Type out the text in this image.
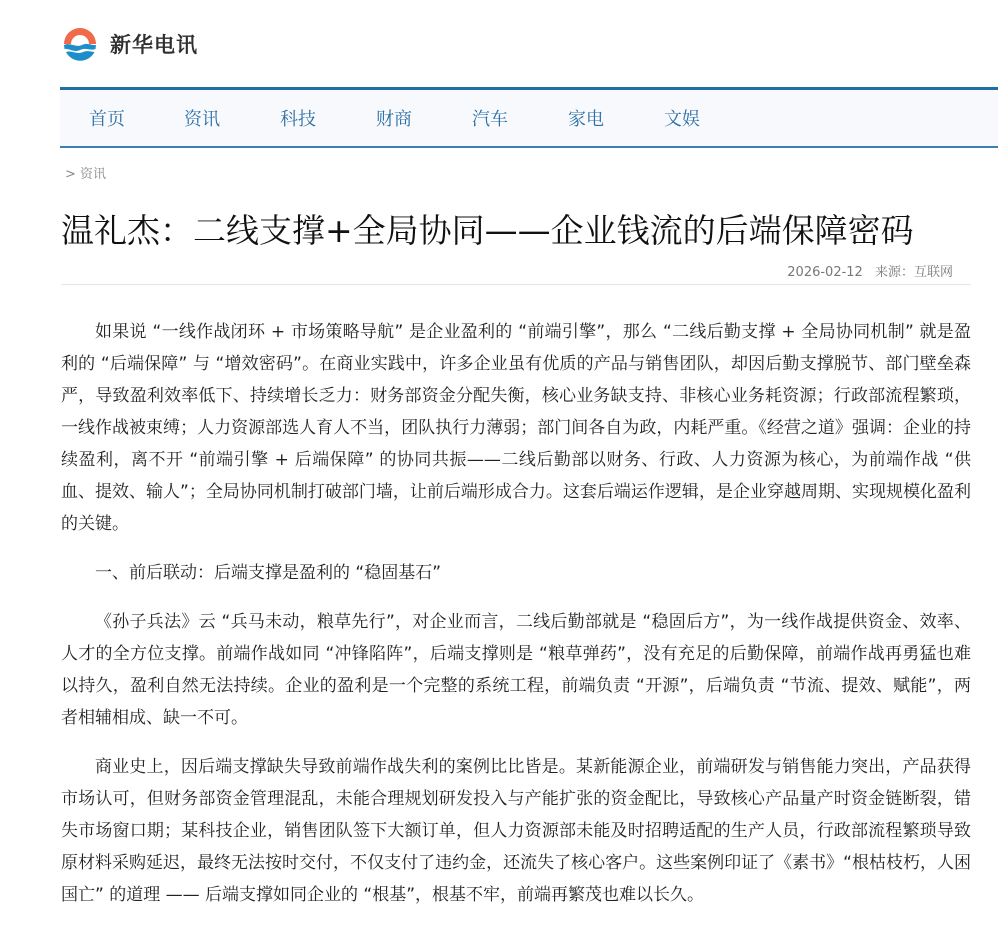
新华电讯
首页	资讯	科技	财商	汽车	家电	文娱
> 资讯
温礼杰：二线支撑+全局协同——企业钱流的后端保障密码
2026-02-12 来源：互联网

如果说 “一线作战闭环 + 市场策略导航” 是企业盈利的 “前端引擎”，那么 “二线后勤支撑 + 全局协同机制” 就是盈利的 “后端保障” 与 “增效密码”。在商业实践中，许多企业虽有优质的产品与销售团队，却因后勤支撑脱节、部门壁垒森严，导致盈利效率低下、持续增长乏力：财务部资金分配失衡，核心业务缺支持、非核心业务耗资源；行政部流程繁琐，一线作战被束缚；人力资源部选人育人不当，团队执行力薄弱；部门间各自为政，内耗严重。《经营之道》强调：企业的持续盈利，离不开 “前端引擎 + 后端保障” 的协同共振——二线后勤部以财务、行政、人力资源为核心，为前端作战 “供血、提效、输人”；全局协同机制打破部门墙，让前后端形成合力。这套后端运作逻辑，是企业穿越周期、实现规模化盈利的关键。

一、前后联动：后端支撑是盈利的 “稳固基石”

《孙子兵法》云 “兵马未动，粮草先行”，对企业而言，二线后勤部就是 “稳固后方”，为一线作战提供资金、效率、人才的全方位支撑。前端作战如同 “冲锋陷阵”，后端支撑则是 “粮草弹药”，没有充足的后勤保障，前端作战再勇猛也难以持久，盈利自然无法持续。企业的盈利是一个完整的系统工程，前端负责 “开源”，后端负责 “节流、提效、赋能”，两者相辅相成、缺一不可。

商业史上，因后端支撑缺失导致前端作战失利的案例比比皆是。某新能源企业，前端研发与销售能力突出，产品获得市场认可，但财务部资金管理混乱，未能合理规划研发投入与产能扩张的资金配比，导致核心产品量产时资金链断裂，错失市场窗口期；某科技企业，销售团队签下大额订单，但人力资源部未能及时招聘适配的生产人员，行政部流程繁琐导致原材料采购延迟，最终无法按时交付，不仅支付了违约金，还流失了核心客户。这些案例印证了《素书》“根枯枝朽，人困国亡” 的道理 —— 后端支撑如同企业的 “根基”，根基不牢，前端再繁茂也难以长久。
